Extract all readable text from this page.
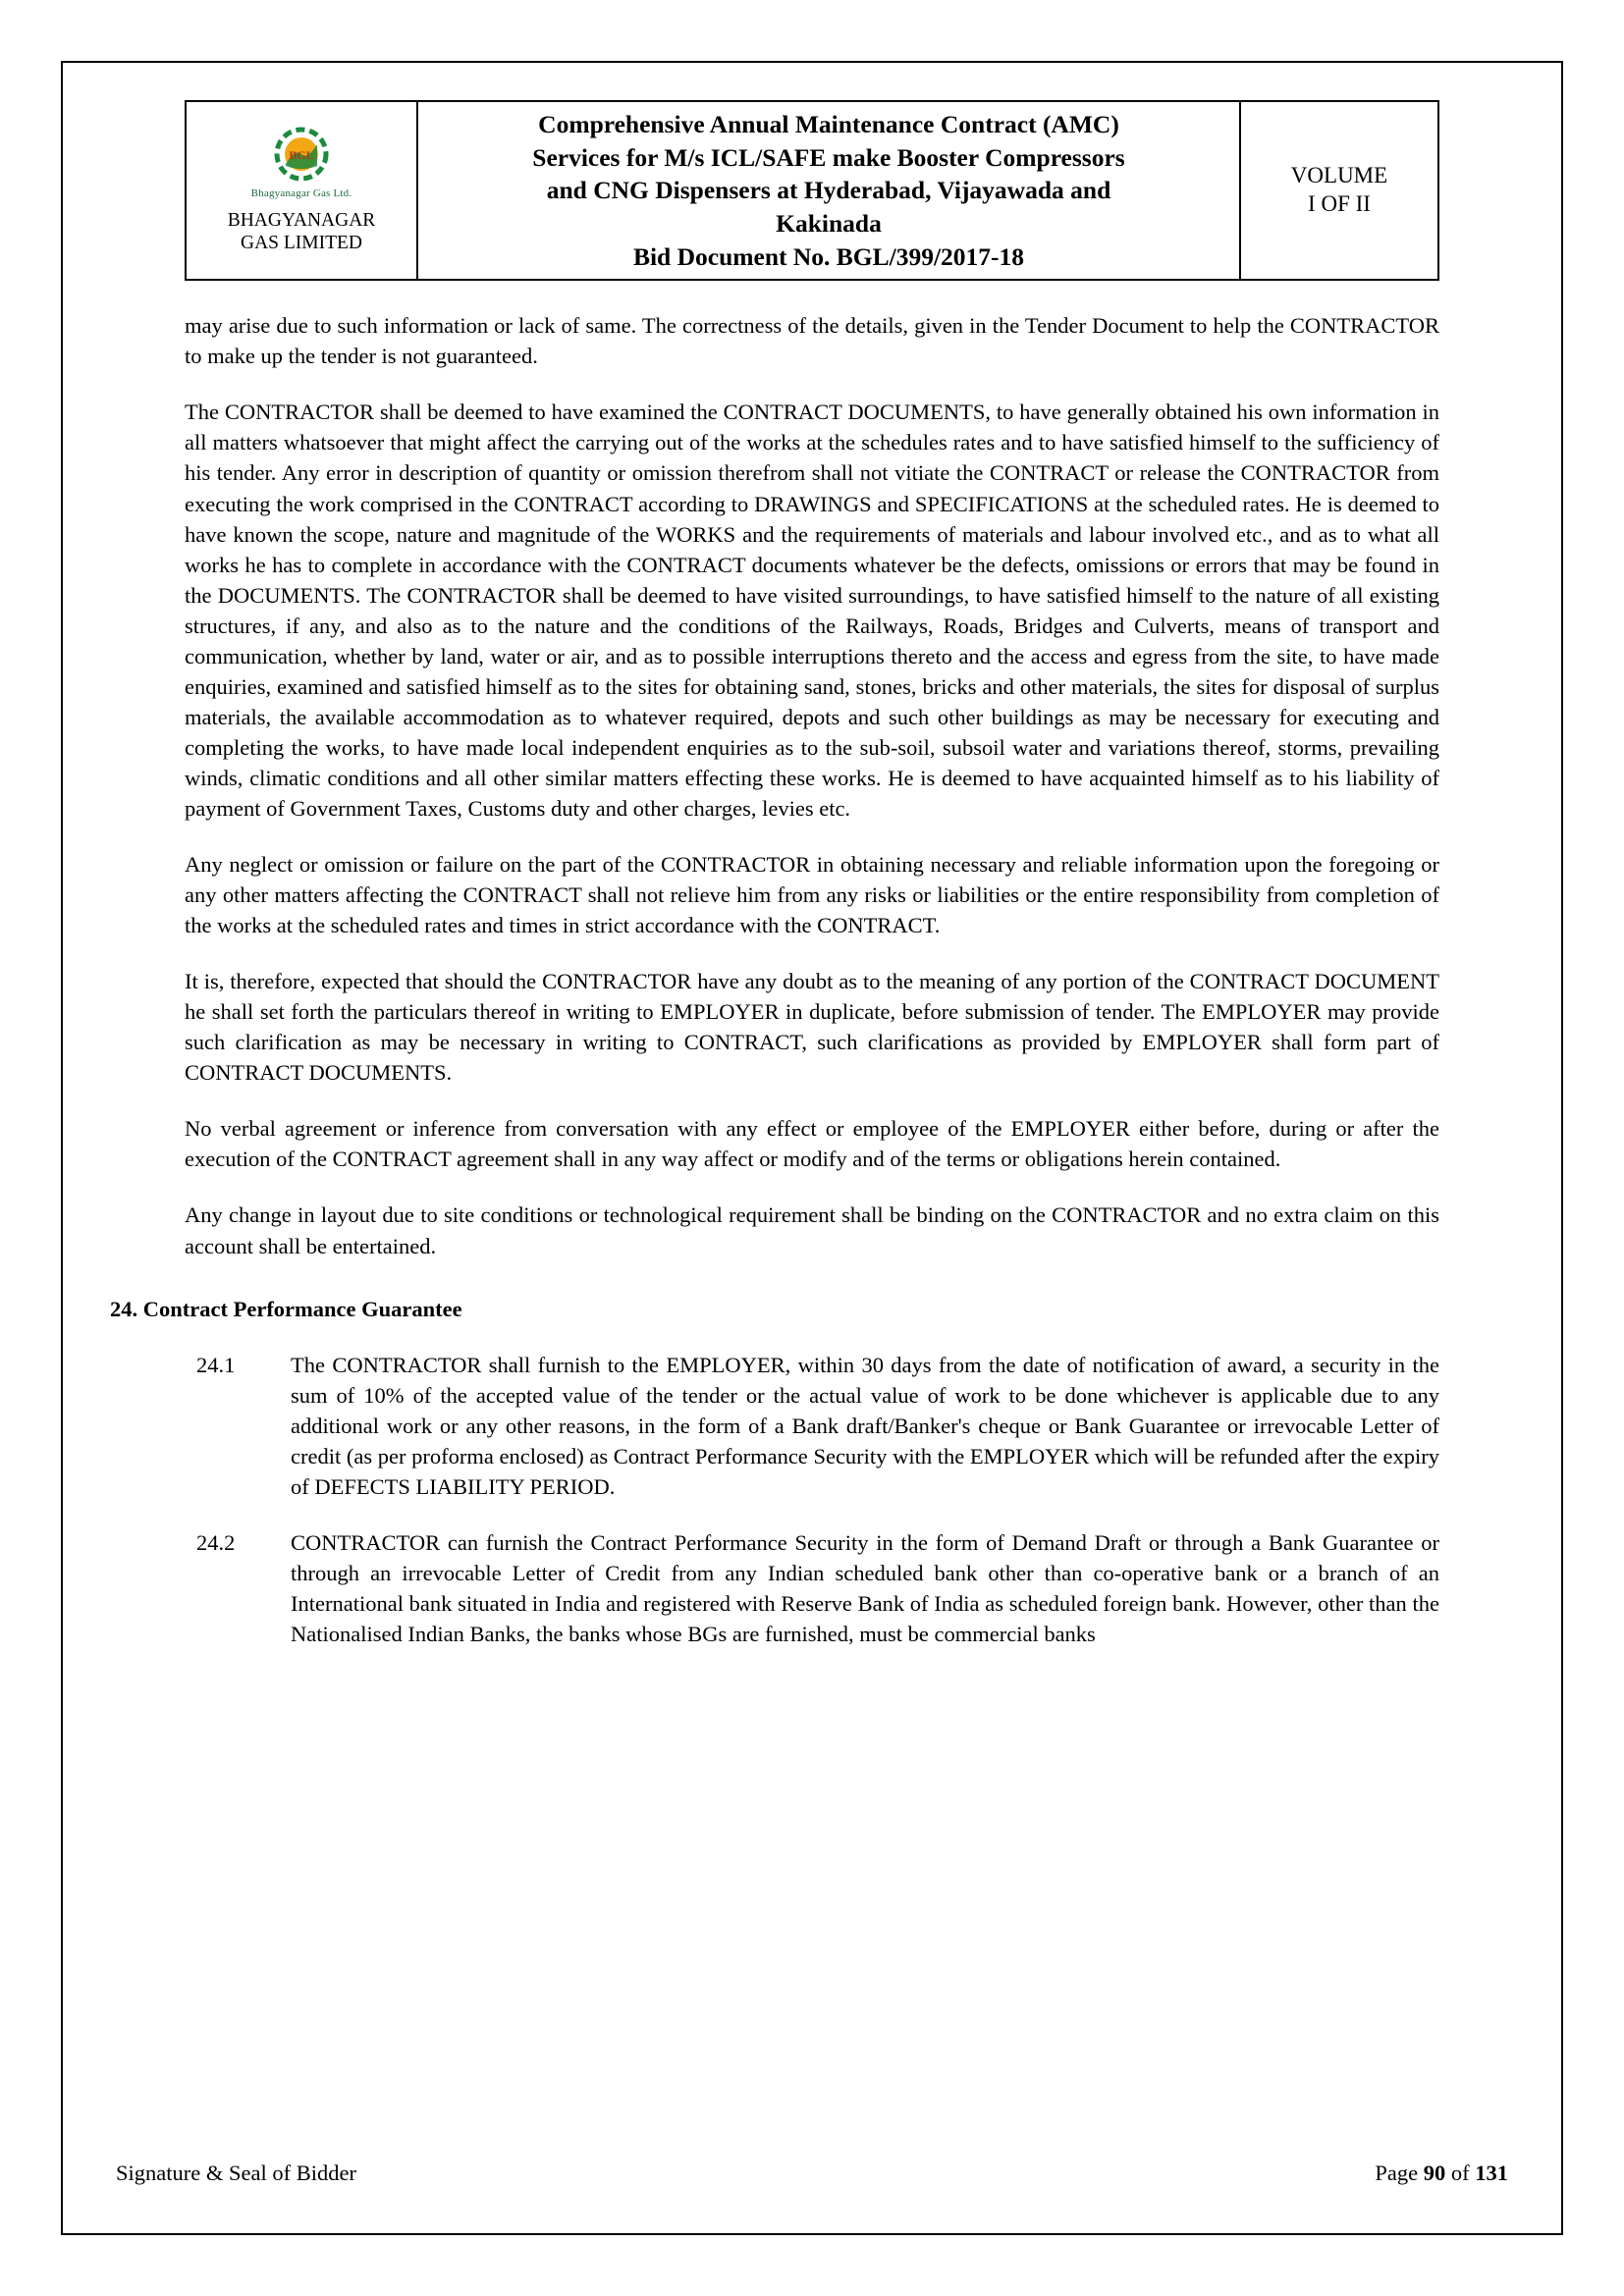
BGL
Bhagyanagar Gas Ltd.
BHAGYANAGAR
GAS LIMITED

Comprehensive Annual Maintenance Contract (AMC)
Services for M/s ICL/SAFE make Booster Compressors
and CNG Dispensers at Hyderabad, Vijayawada and
Kakinada
Bid Document No. BGL/399/2017-18

VOLUME
I OF II

may arise due to such information or lack of same. The correctness of the details, given in the Tender Document to help the CONTRACTOR to make up the tender is not guaranteed.

The CONTRACTOR shall be deemed to have examined the CONTRACT DOCUMENTS, to have generally obtained his own information in all matters whatsoever that might affect the carrying out of the works at the schedules rates and to have satisfied himself to the sufficiency of his tender. Any error in description of quantity or omission therefrom shall not vitiate the CONTRACT or release the CONTRACTOR from executing the work comprised in the CONTRACT according to DRAWINGS and SPECIFICATIONS at the scheduled rates. He is deemed to have known the scope, nature and magnitude of the WORKS and the requirements of materials and labour involved etc., and as to what all works he has to complete in accordance with the CONTRACT documents whatever be the defects, omissions or errors that may be found in the DOCUMENTS. The CONTRACTOR shall be deemed to have visited surroundings, to have satisfied himself to the nature of all existing structures, if any, and also as to the nature and the conditions of the Railways, Roads, Bridges and Culverts, means of transport and communication, whether by land, water or air, and as to possible interruptions thereto and the access and egress from the site, to have made enquiries, examined and satisfied himself as to the sites for obtaining sand, stones, bricks and other materials, the sites for disposal of surplus materials, the available accommodation as to whatever required, depots and such other buildings as may be necessary for executing and completing the works, to have made local independent enquiries as to the sub-soil, subsoil water and variations thereof, storms, prevailing winds, climatic conditions and all other similar matters effecting these works. He is deemed to have acquainted himself as to his liability of payment of Government Taxes, Customs duty and other charges, levies etc.

Any neglect or omission or failure on the part of the CONTRACTOR in obtaining necessary and reliable information upon the foregoing or any other matters affecting the CONTRACT shall not relieve him from any risks or liabilities or the entire responsibility from completion of the works at the scheduled rates and times in strict accordance with the CONTRACT.

It is, therefore, expected that should the CONTRACTOR have any doubt as to the meaning of any portion of the CONTRACT DOCUMENT he shall set forth the particulars thereof in writing to EMPLOYER in duplicate, before submission of tender. The EMPLOYER may provide such clarification as may be necessary in writing to CONTRACT, such clarifications as provided by EMPLOYER shall form part of CONTRACT DOCUMENTS.

No verbal agreement or inference from conversation with any effect or employee of the EMPLOYER either before, during or after the execution of the CONTRACT agreement shall in any way affect or modify and of the terms or obligations herein contained.

Any change in layout due to site conditions or technological requirement shall be binding on the CONTRACTOR and no extra claim on this account shall be entertained.

24. Contract Performance Guarantee
24.1	The CONTRACTOR shall furnish to the EMPLOYER, within 30 days from the date of notification of award, a security in the sum of 10% of the accepted value of the tender or the actual value of work to be done whichever is applicable due to any additional work or any other reasons, in the form of a Bank draft/Banker's cheque or Bank Guarantee or irrevocable Letter of credit (as per proforma enclosed) as Contract Performance Security with the EMPLOYER which will be refunded after the expiry of DEFECTS LIABILITY PERIOD.
24.2	CONTRACTOR can furnish the Contract Performance Security in the form of Demand Draft or through a Bank Guarantee or through an irrevocable Letter of Credit from any Indian scheduled bank other than co-operative bank or a branch of an International bank situated in India and registered with Reserve Bank of India as scheduled foreign bank. However, other than the Nationalised Indian Banks, the banks whose BGs are furnished, must be commercial banks
Signature & Seal of Bidder	Page 90 of 131
